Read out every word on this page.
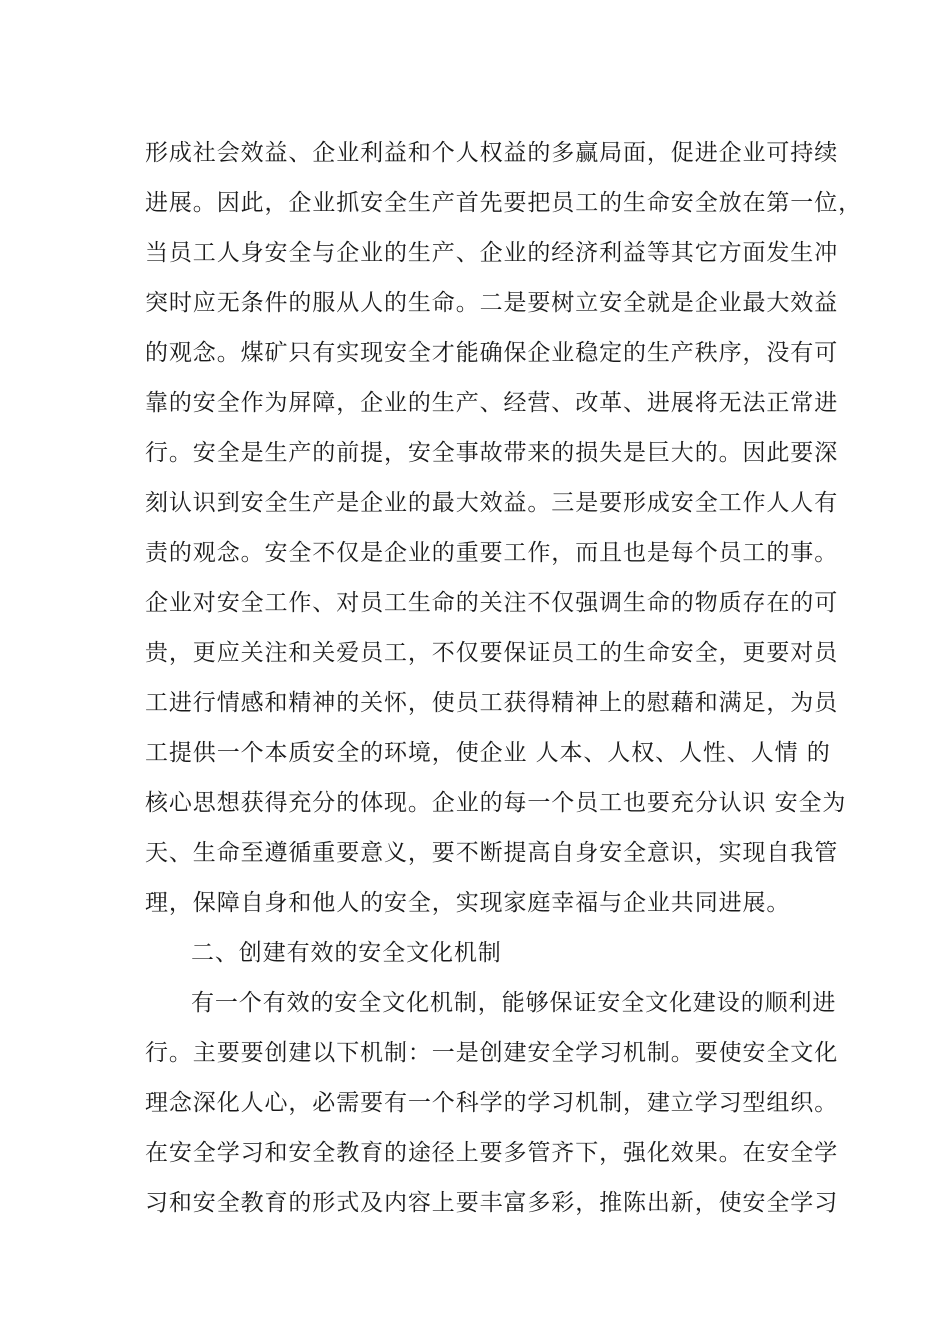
形成社会效益、企业利益和个人权益的多赢局面，促进企业可持续
进展。因此，企业抓安全生产首先要把员工的生命安全放在第一位，
当员工人身安全与企业的生产、企业的经济利益等其它方面发生冲
突时应无条件的服从人的生命。二是要树立安全就是企业最大效益
的观念。煤矿只有实现安全才能确保企业稳定的生产秩序，没有可
靠的安全作为屏障，企业的生产、经营、改革、进展将无法正常进
行。安全是生产的前提，安全事故带来的损失是巨大的。因此要深
刻认识到安全生产是企业的最大效益。三是要形成安全工作人人有
责的观念。安全不仅是企业的重要工作，而且也是每个员工的事。
企业对安全工作、对员工生命的关注不仅强调生命的物质存在的可
贵，更应关注和关爱员工，不仅要保证员工的生命安全，更要对员
工进行情感和精神的关怀，使员工获得精神上的慰藉和满足，为员
工提供一个本质安全的环境，使企业 人本、人权、人性、人情 的
核心思想获得充分的体现。企业的每一个员工也要充分认识 安全为
天、生命至遵循重要意义，要不断提高自身安全意识，实现自我管
理，保障自身和他人的安全，实现家庭幸福与企业共同进展。
二、创建有效的安全文化机制
有一个有效的安全文化机制，能够保证安全文化建设的顺利进
行。主要要创建以下机制：一是创建安全学习机制。要使安全文化
理念深化人心，必需要有一个科学的学习机制，建立学习型组织。
在安全学习和安全教育的途径上要多管齐下，强化效果。在安全学
习和安全教育的形式及内容上要丰富多彩，推陈出新，使安全学习
